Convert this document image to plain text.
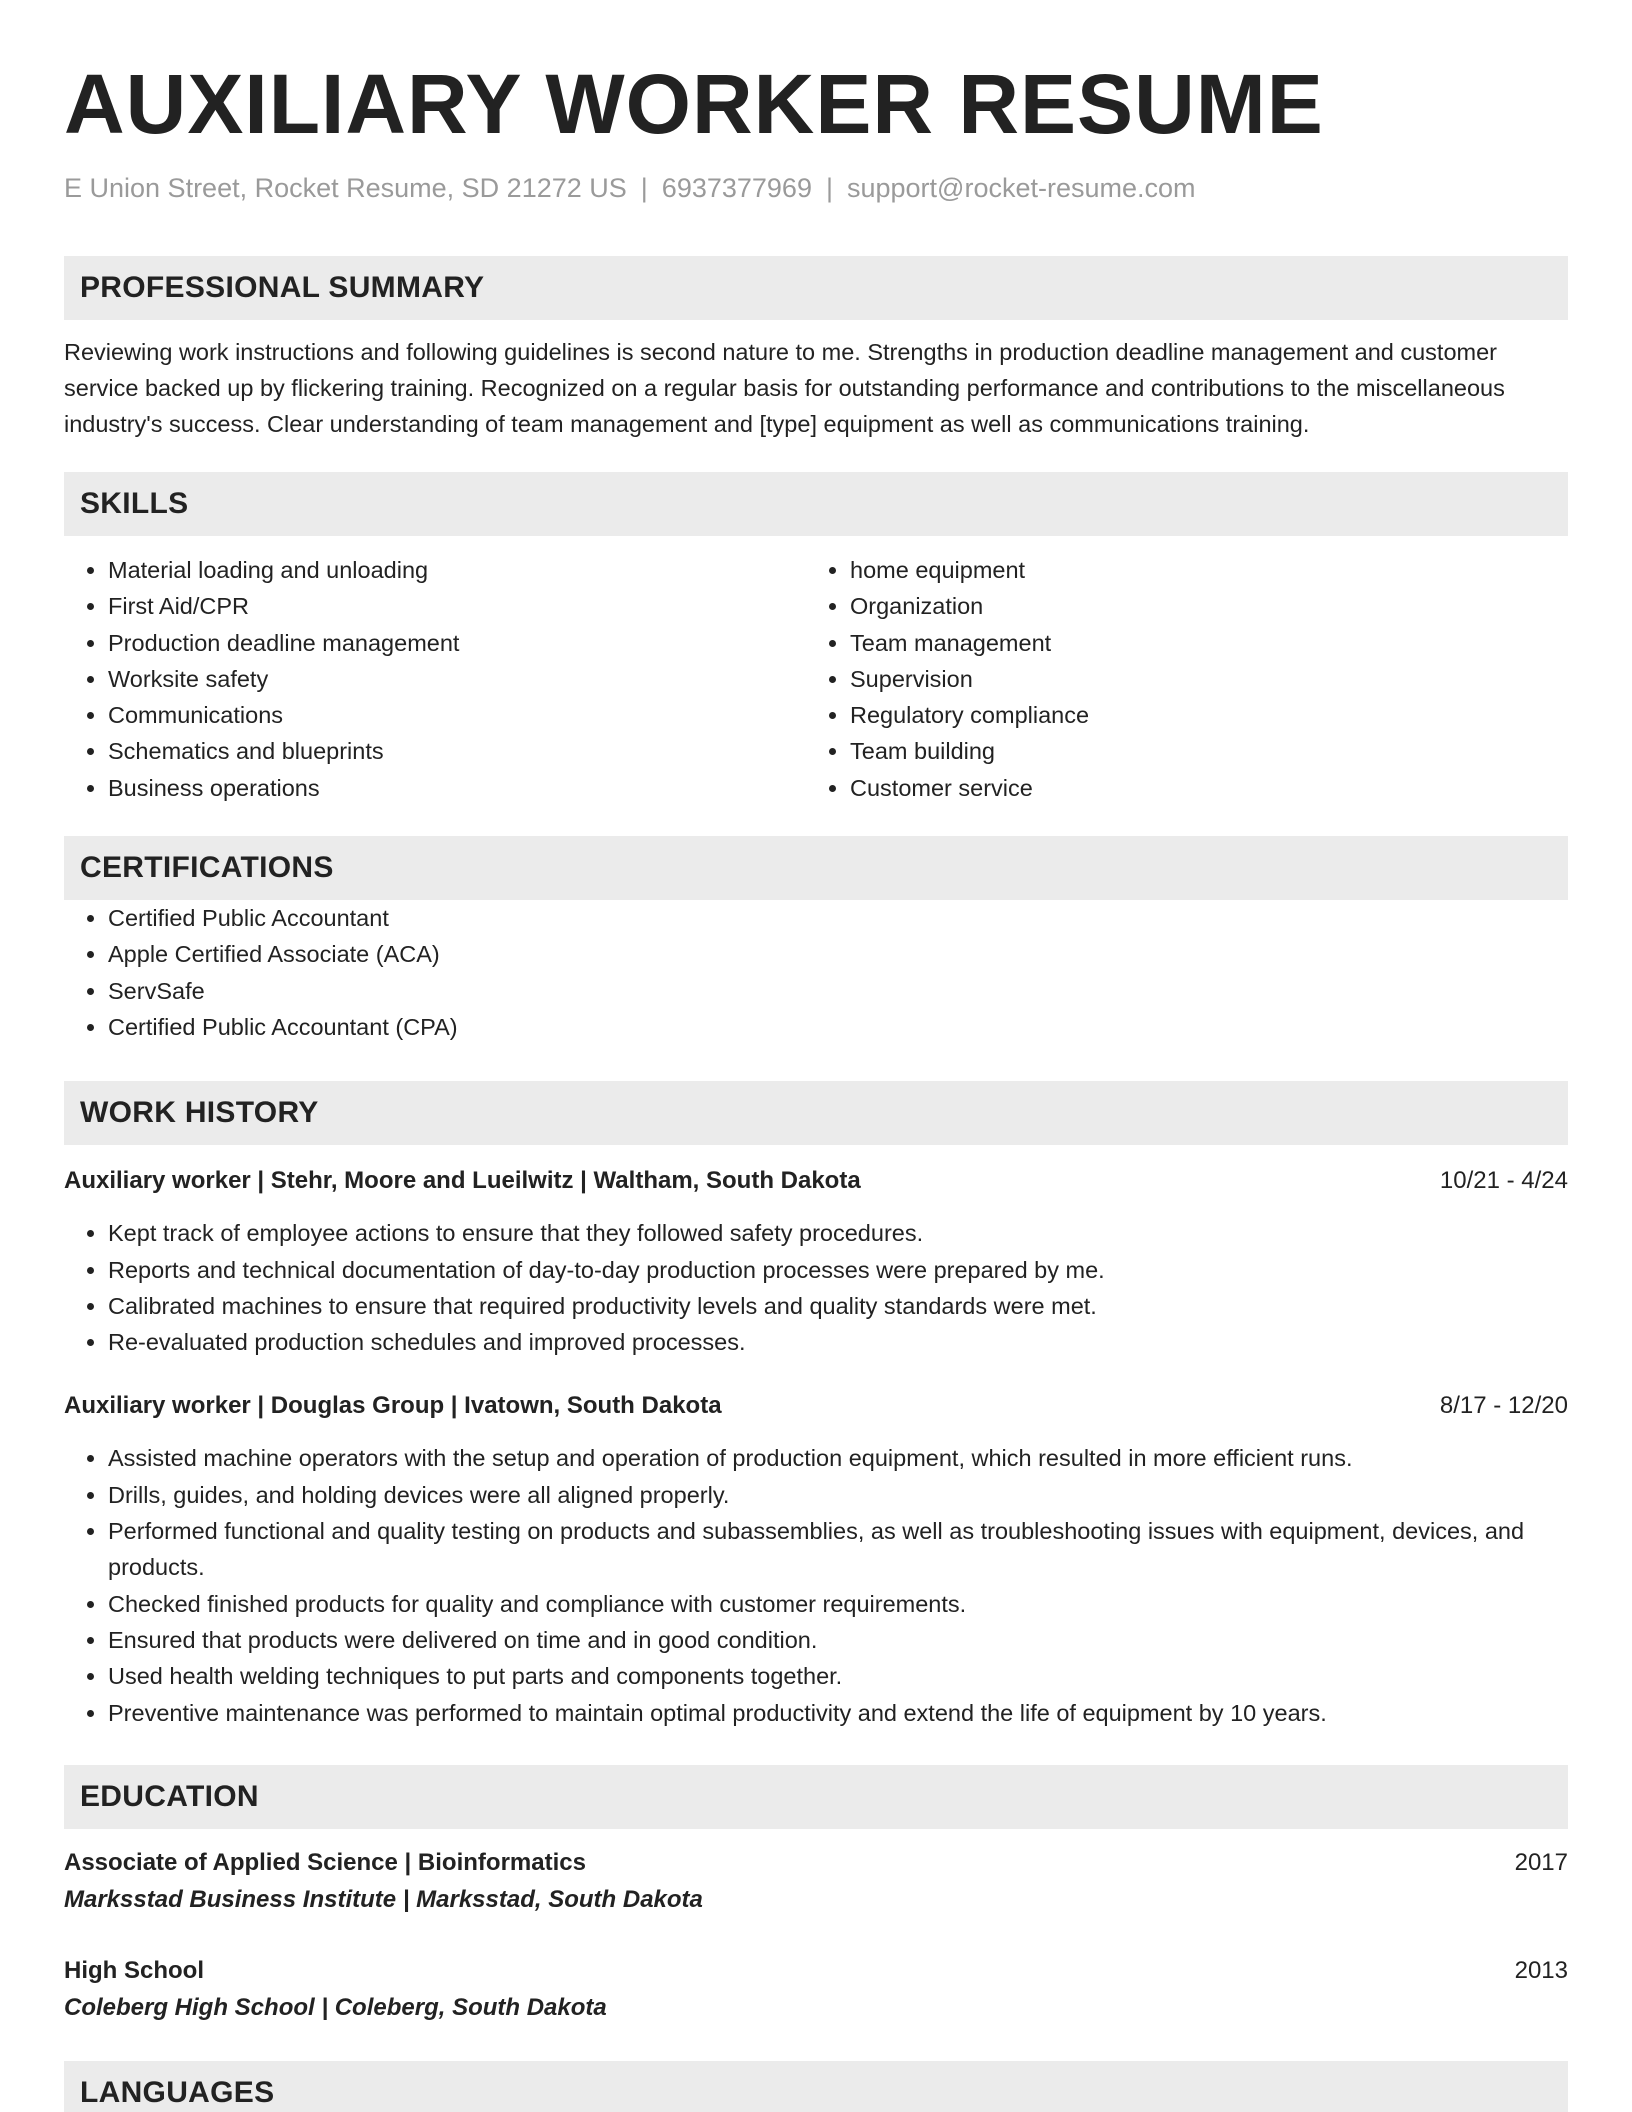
AUXILIARY WORKER RESUME
E Union Street, Rocket Resume, SD 21272 US | 6937377969 | support@rocket-resume.com
PROFESSIONAL SUMMARY

Reviewing work instructions and following guidelines is second nature to me. Strengths in production deadline management and customer service backed up by flickering training. Recognized on a regular basis for outstanding performance and contributions to the miscellaneous industry's success. Clear understanding of team management and [type] equipment as well as communications training.

SKILLS
• Material loading and unloading
• First Aid/CPR
• Production deadline management
• Worksite safety
• Communications
• Schematics and blueprints
• Business operations
• home equipment
• Organization
• Team management
• Supervision
• Regulatory compliance
• Team building
• Customer service
CERTIFICATIONS
• Certified Public Accountant
• Apple Certified Associate (ACA)
• ServSafe
• Certified Public Accountant (CPA)
WORK HISTORY
Auxiliary worker | Stehr, Moore and Lueilwitz | Waltham, South Dakota	10/21 - 4/24
• Kept track of employee actions to ensure that they followed safety procedures.
• Reports and technical documentation of day-to-day production processes were prepared by me.
• Calibrated machines to ensure that required productivity levels and quality standards were met.
• Re-evaluated production schedules and improved processes.
Auxiliary worker | Douglas Group | Ivatown, South Dakota	8/17 - 12/20
• Assisted machine operators with the setup and operation of production equipment, which resulted in more efficient runs.
• Drills, guides, and holding devices were all aligned properly.
• Performed functional and quality testing on products and subassemblies, as well as troubleshooting issues with equipment, devices, and products.
• Checked finished products for quality and compliance with customer requirements.
• Ensured that products were delivered on time and in good condition.
• Used health welding techniques to put parts and components together.
• Preventive maintenance was performed to maintain optimal productivity and extend the life of equipment by 10 years.
EDUCATION
Associate of Applied Science | Bioinformatics	2017
Marksstad Business Institute | Marksstad, South Dakota
High School	2013
Coleberg High School | Coleberg, South Dakota
LANGUAGES
